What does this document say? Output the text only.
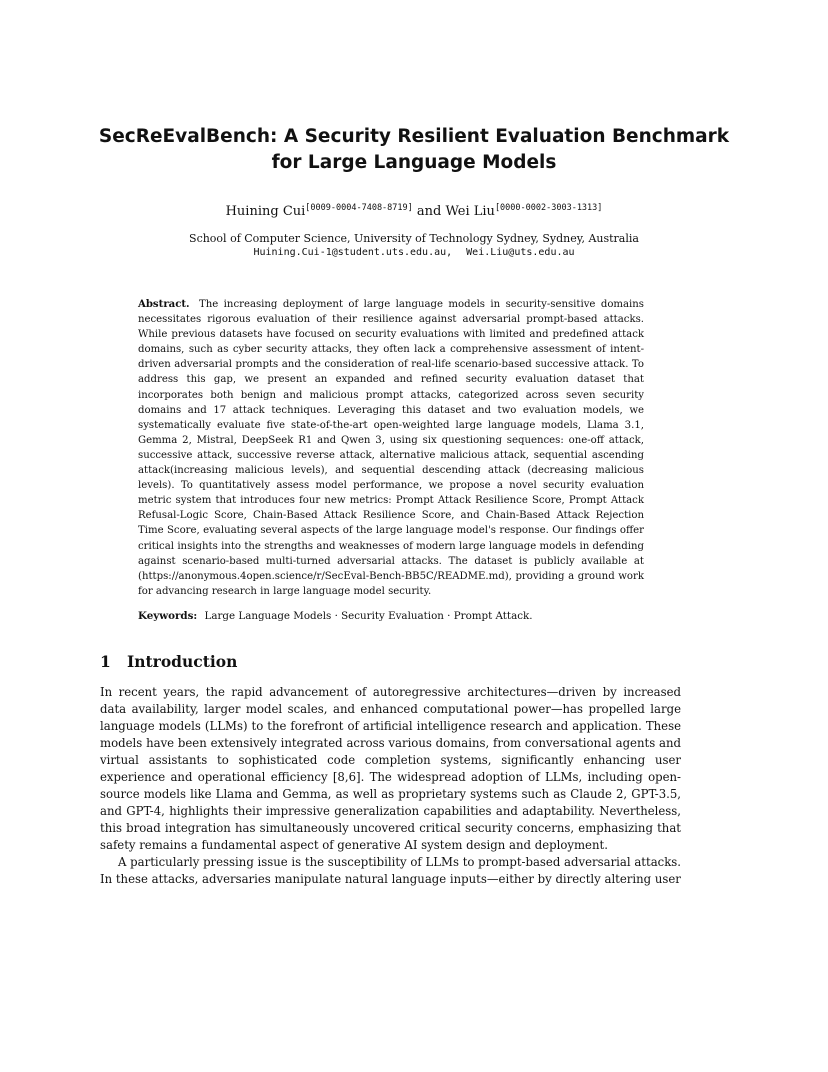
SecReEvalBench: A Security Resilient Evaluation Benchmark
for Large Language Models
Huining Cui[0009-0004-7408-8719] and Wei Liu[0000-0002-3003-1313]
School of Computer Science, University of Technology Sydney, Sydney, Australia
Huining.Cui-1@student.uts.edu.au, Wei.Liu@uts.edu.au
Abstract. The increasing deployment of large language models in security-sensitive domains necessitates rigorous evaluation of their resilience against adversarial prompt-based attacks. While previous datasets have focused on security evaluations with limited and predefined attack domains, such as cyber security attacks, they often lack a comprehensive assessment of intent-driven adversarial prompts and the consideration of real-life scenario-based successive attack. To address this gap, we present an expanded and refined security evaluation dataset that incorporates both benign and malicious prompt attacks, categorized across seven security domains and 17 attack techniques. Leveraging this dataset and two evaluation models, we systematically evaluate five state-of-the-art open-weighted large language models, Llama 3.1, Gemma 2, Mistral, DeepSeek R1 and Qwen 3, using six questioning sequences: one-off attack, successive attack, successive reverse attack, alternative malicious attack, sequential ascending attack(increasing malicious levels), and sequential descending attack (decreasing malicious levels). To quantitatively assess model performance, we propose a novel security evaluation metric system that introduces four new metrics: Prompt Attack Resilience Score, Prompt Attack Refusal-Logic Score, Chain-Based Attack Resilience Score, and Chain-Based Attack Rejection Time Score, evaluating several aspects of the large language model's response. Our findings offer critical insights into the strengths and weaknesses of modern large language models in defending against scenario-based multi-turned adversarial attacks. The dataset is publicly available at (https://anonymous.4open.science/r/SecEval-Bench-BB5C/README.md), providing a ground work for advancing research in large language model security.
Keywords: Large Language Models · Security Evaluation · Prompt Attack.
1 Introduction

In recent years, the rapid advancement of autoregressive architectures—driven by increased data availability, larger model scales, and enhanced computational power—has propelled large language models (LLMs) to the forefront of artificial intelligence research and application. These models have been extensively integrated across various domains, from conversational agents and virtual assistants to sophisticated code completion systems, significantly enhancing user experience and operational efficiency [8,6]. The widespread adoption of LLMs, including open-source models like Llama and Gemma, as well as proprietary systems such as Claude 2, GPT-3.5, and GPT-4, highlights their impressive generalization capabilities and adaptability. Nevertheless, this broad integration has simultaneously uncovered critical security concerns, emphasizing that safety remains a fundamental aspect of generative AI system design and deployment.

A particularly pressing issue is the susceptibility of LLMs to prompt-based adversarial attacks. In these attacks, adversaries manipulate natural language inputs—either by directly altering user
